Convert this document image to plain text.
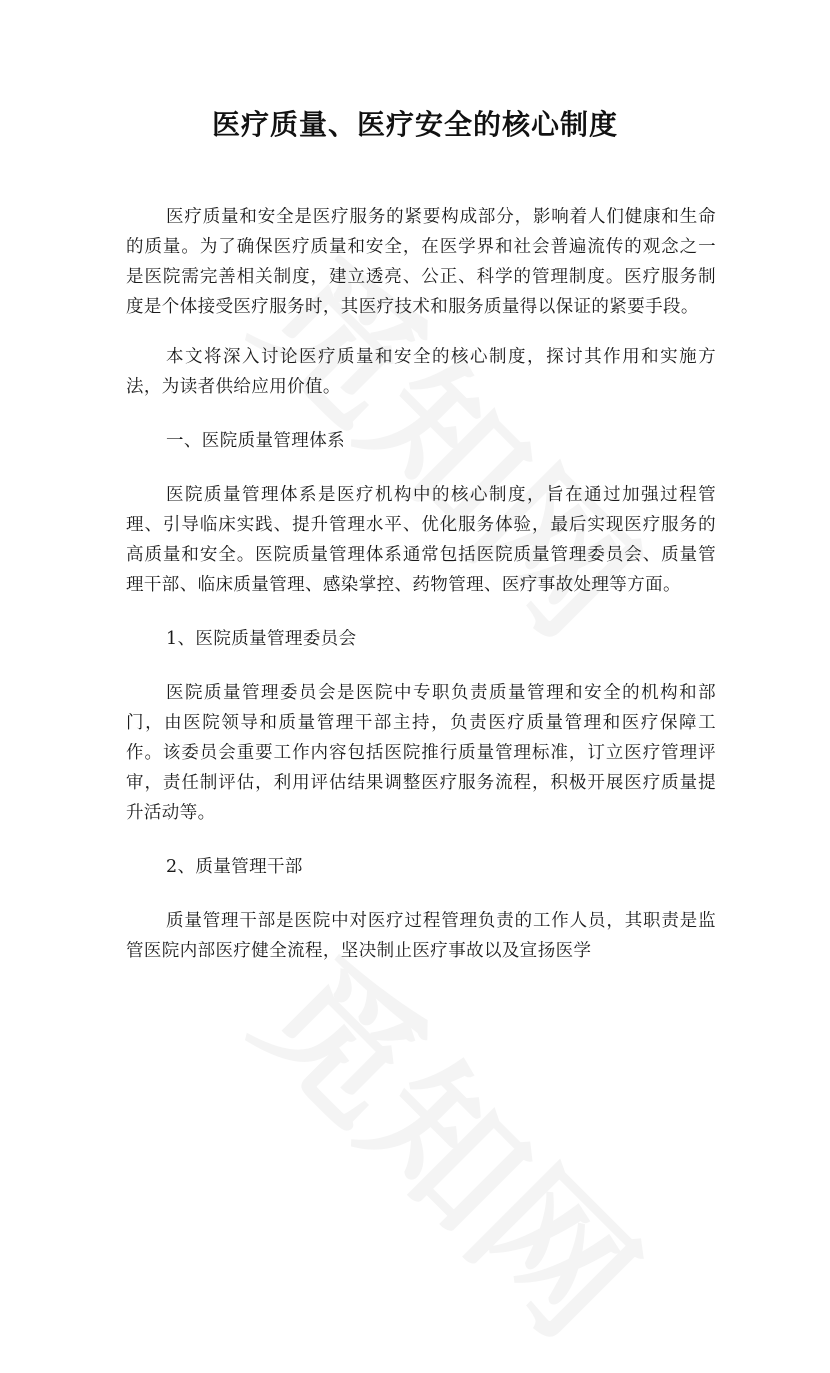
医疗质量、医疗安全的核心制度

医疗质量和安全是医疗服务的紧要构成部分，影响着人们健康和生命的质量。为了确保医疗质量和安全，在医学界和社会普遍流传的观念之一是医院需完善相关制度，建立透亮、公正、科学的管理制度。医疗服务制度是个体接受医疗服务时，其医疗技术和服务质量得以保证的紧要手段。

本文将深入讨论医疗质量和安全的核心制度，探讨其作用和实施方法，为读者供给应用价值。

一、医院质量管理体系

医院质量管理体系是医疗机构中的核心制度，旨在通过加强过程管理、引导临床实践、提升管理水平、优化服务体验，最后实现医疗服务的高质量和安全。医院质量管理体系通常包括医院质量管理委员会、质量管理干部、临床质量管理、感染掌控、药物管理、医疗事故处理等方面。

1、医院质量管理委员会

医院质量管理委员会是医院中专职负责质量管理和安全的机构和部门，由医院领导和质量管理干部主持，负责医疗质量管理和医疗保障工作。该委员会重要工作内容包括医院推行质量管理标准，订立医疗管理评审，责任制评估，利用评估结果调整医疗服务流程，积极开展医疗质量提升活动等。

2、质量管理干部

质量管理干部是医院中对医疗过程管理负责的工作人员，其职责是监管医院内部医疗健全流程，坚决制止医疗事故以及宣扬医学
